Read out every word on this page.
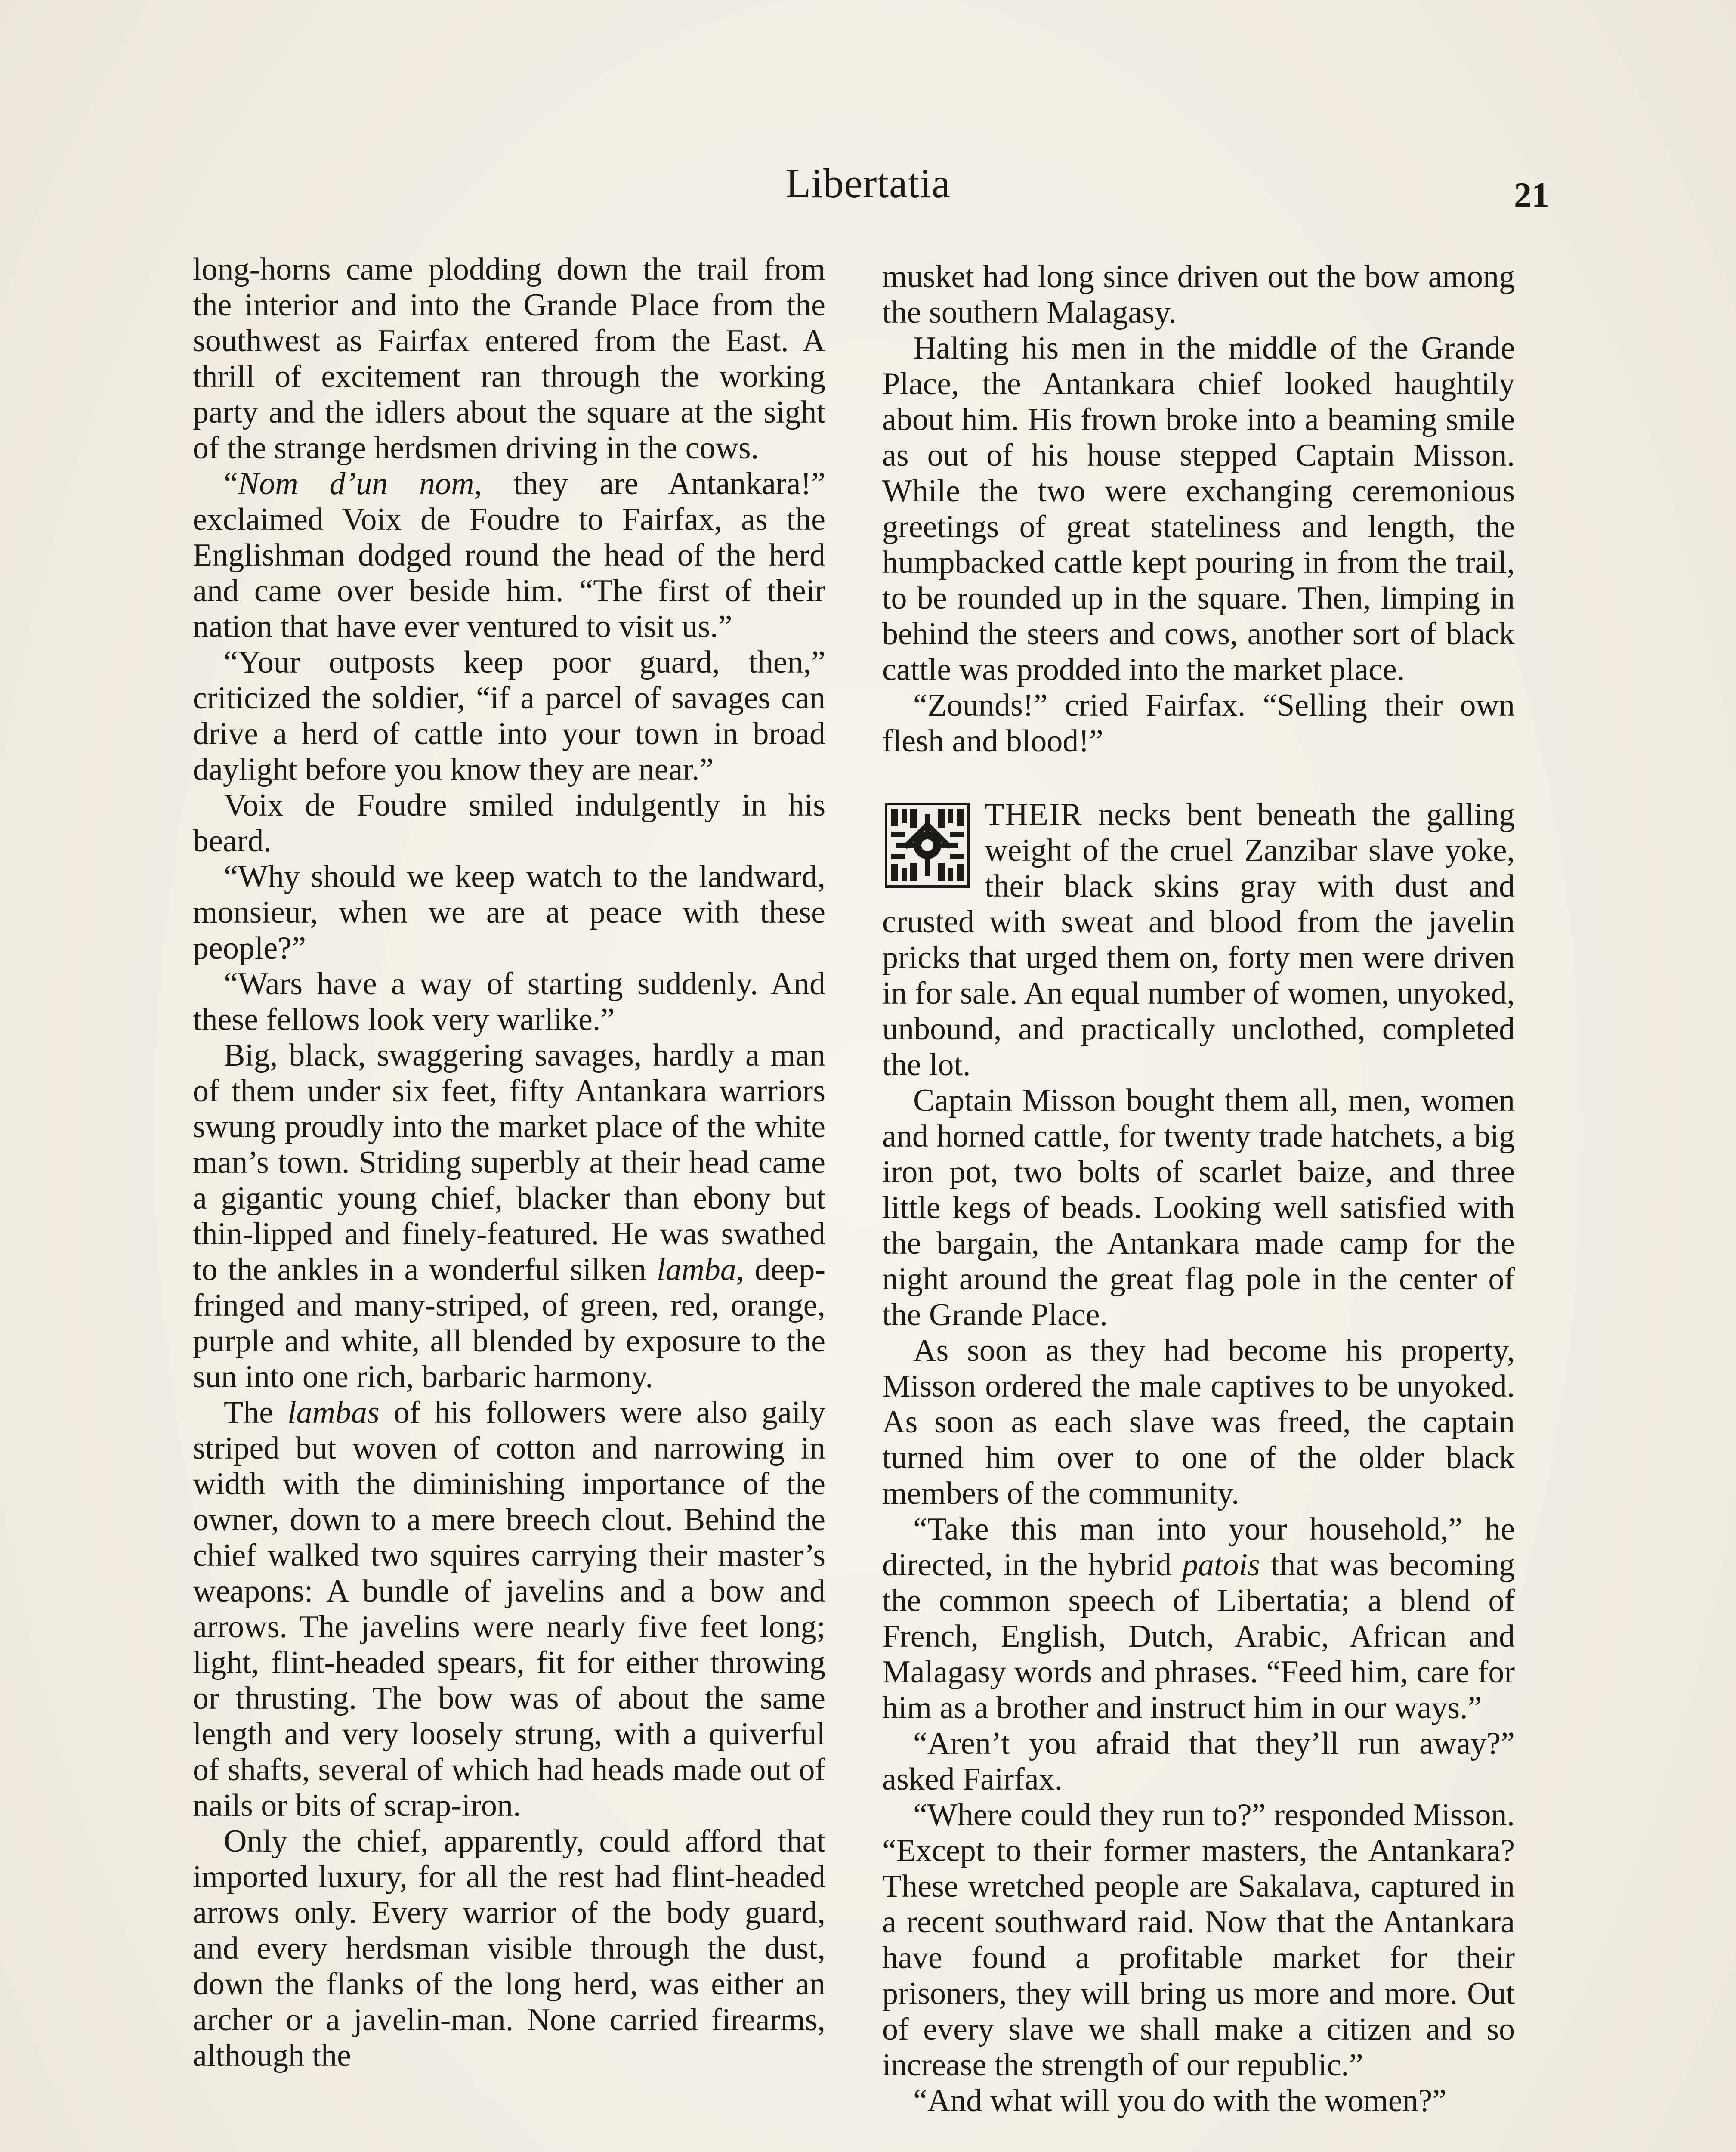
Libertatia	21

long-horns came plodding down the trail from the interior and into the Grande Place from the southwest as Fairfax entered from the East. A thrill of excitement ran through the working party and the idlers about the square at the sight of the strange herdsmen driving in the cows.

“Nom d’un nom, they are Antankara!” exclaimed Voix de Foudre to Fairfax, as the Englishman dodged round the head of the herd and came over beside him. “The first of their nation that have ever ventured to visit us.”

“Your outposts keep poor guard, then,” criticized the soldier, “if a parcel of savages can drive a herd of cattle into your town in broad daylight before you know they are near.”

Voix de Foudre smiled indulgently in his beard.

“Why should we keep watch to the landward, monsieur, when we are at peace with these people?”

“Wars have a way of starting suddenly. And these fellows look very warlike.”

Big, black, swaggering savages, hardly a man of them under six feet, fifty Antankara warriors swung proudly into the market place of the white man’s town. Striding superbly at their head came a gigantic young chief, blacker than ebony but thin-lipped and finely-featured. He was swathed to the ankles in a wonderful silken lamba, deep-fringed and many-striped, of green, red, orange, purple and white, all blended by exposure to the sun into one rich, barbaric harmony.

The lambas of his followers were also gaily striped but woven of cotton and narrowing in width with the diminishing importance of the owner, down to a mere breech clout. Behind the chief walked two squires carrying their master’s weapons: A bundle of javelins and a bow and arrows. The javelins were nearly five feet long; light, flint-headed spears, fit for either throwing or thrusting. The bow was of about the same length and very loosely strung, with a quiverful of shafts, several of which had heads made out of nails or bits of scrap-iron.

Only the chief, apparently, could afford that imported luxury, for all the rest had flint-headed arrows only. Every warrior of the body guard, and every herdsman visible through the dust, down the flanks of the long herd, was either an archer or a javelin-man. None carried firearms, although the

musket had long since driven out the bow among the southern Malagasy.

Halting his men in the middle of the Grande Place, the Antankara chief looked haughtily about him. His frown broke into a beaming smile as out of his house stepped Captain Misson. While the two were exchanging ceremonious greetings of great stateliness and length, the humpbacked cattle kept pouring in from the trail, to be rounded up in the square. Then, limping in behind the steers and cows, another sort of black cattle was prodded into the market place.

“Zounds!” cried Fairfax. “Selling their own flesh and blood!”

THEIR necks bent beneath the galling weight of the cruel Zanzibar slave yoke, their black skins gray with dust and crusted with sweat and blood from the javelin pricks that urged them on, forty men were driven in for sale. An equal number of women, unyoked, unbound, and practically unclothed, completed the lot.

Captain Misson bought them all, men, women and horned cattle, for twenty trade hatchets, a big iron pot, two bolts of scarlet baize, and three little kegs of beads. Looking well satisfied with the bargain, the Antankara made camp for the night around the great flag pole in the center of the Grande Place.

As soon as they had become his property, Misson ordered the male captives to be unyoked. As soon as each slave was freed, the captain turned him over to one of the older black members of the community.

“Take this man into your household,” he directed, in the hybrid patois that was becoming the common speech of Libertatia; a blend of French, English, Dutch, Arabic, African and Malagasy words and phrases. “Feed him, care for him as a brother and instruct him in our ways.”

“Aren’t you afraid that they’ll run away?” asked Fairfax.

“Where could they run to?” responded Misson. “Except to their former masters, the Antankara? These wretched people are Sakalava, captured in a recent southward raid. Now that the Antankara have found a profitable market for their prisoners, they will bring us more and more. Out of every slave we shall make a citizen and so increase the strength of our republic.”

“And what will you do with the women?”
